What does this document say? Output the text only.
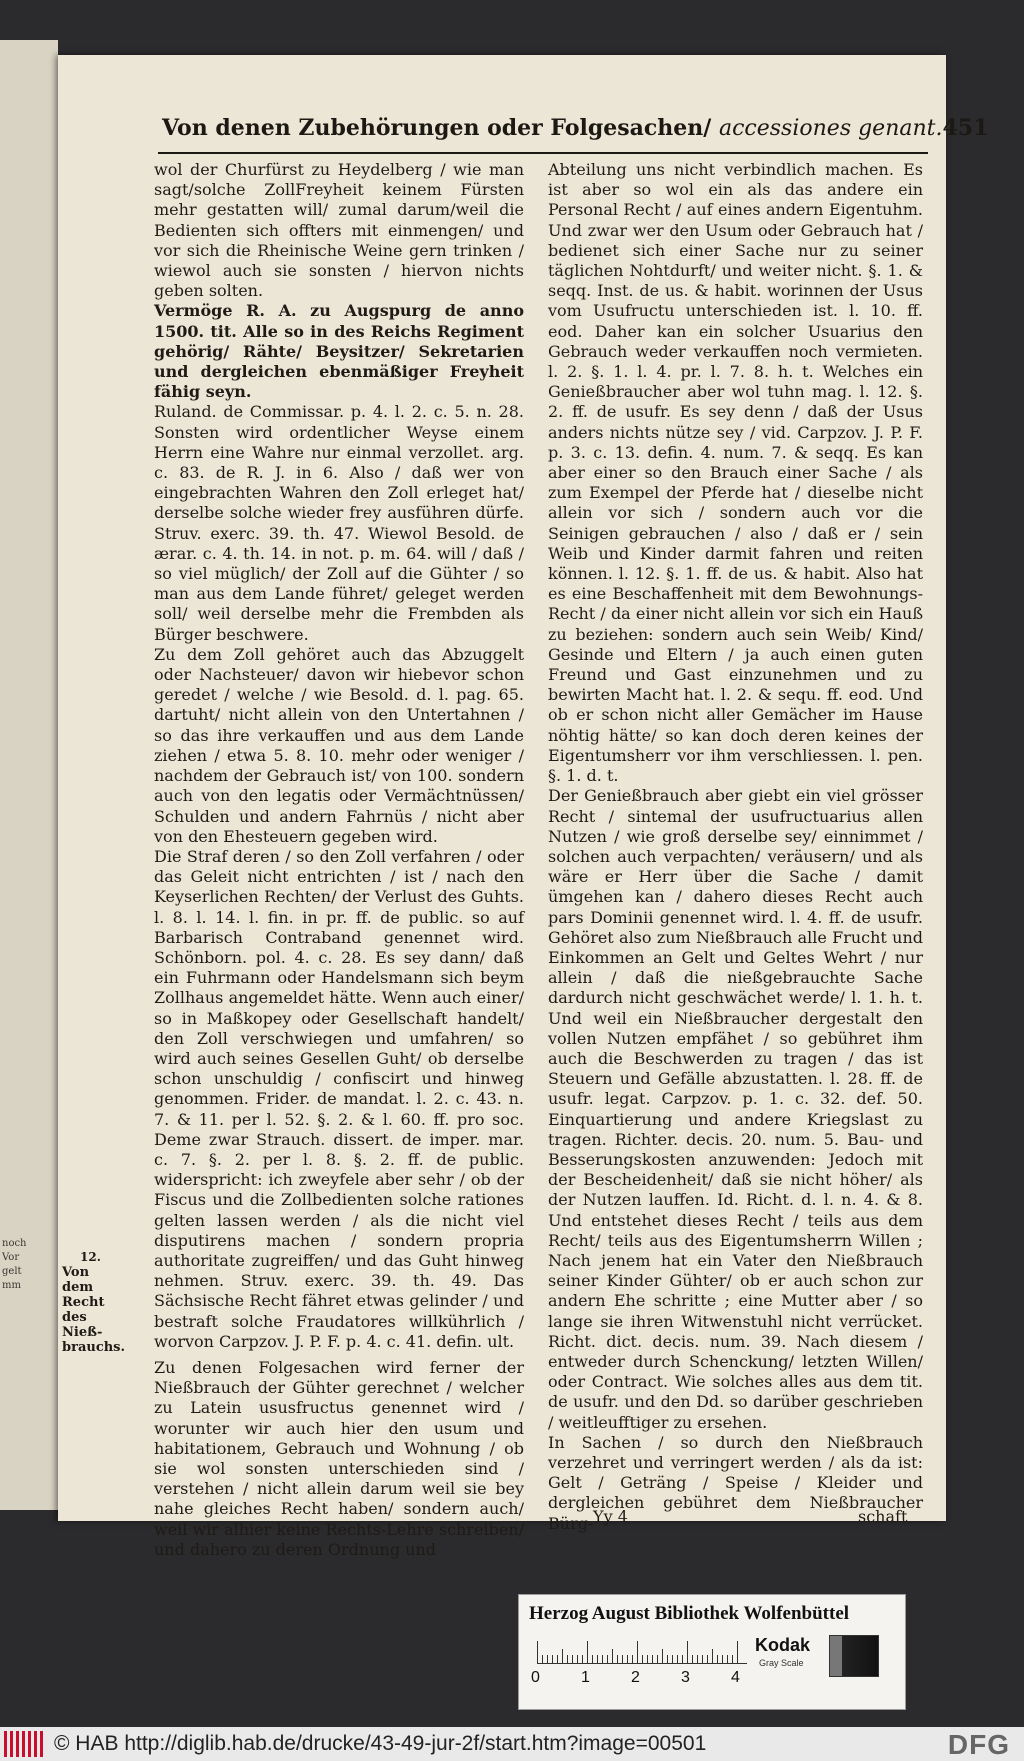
noch
Vor
gelt
mm
Von denen Zubehörungen oder Folgesachen/ accessiones genant.451
12.
Von dem Recht des Nieß-brauchs.

wol der Churfürst zu Heydelberg / wie man sagt/solche ZollFreyheit keinem Fürsten mehr gestatten will/ zumal darum/weil die Bedienten sich offters mit einmengen/ und vor sich die Rheinische Weine gern trinken / wiewol auch sie sonsten / hiervon nichts geben solten.

Vermöge R. A. zu Augspurg de anno 1500. tit. Alle so in des Reichs Regiment gehörig/ Rähte/ Beysitzer/ Sekretarien und dergleichen ebenmäßiger Freyheit fähig seyn.

Ruland. de Commissar. p. 4. l. 2. c. 5. n. 28. Sonsten wird ordentlicher Weyse einem Herrn eine Wahre nur einmal verzollet. arg. c. 83. de R. J. in 6. Also / daß wer von eingebrachten Wahren den Zoll erleget hat/ derselbe solche wieder frey ausführen dürfe. Struv. exerc. 39. th. 47. Wiewol Besold. de ærar. c. 4. th. 14. in not. p. m. 64. will / daß / so viel müglich/ der Zoll auf die Gühter / so man aus dem Lande führet/ geleget werden soll/ weil derselbe mehr die Frembden als Bürger beschwere.

Zu dem Zoll gehöret auch das Abzuggelt oder Nachsteuer/ davon wir hiebevor schon geredet / welche / wie Besold. d. l. pag. 65. dartuht/ nicht allein von den Untertahnen / so das ihre verkauffen und aus dem Lande ziehen / etwa 5. 8. 10. mehr oder weniger / nachdem der Gebrauch ist/ von 100. sondern auch von den legatis oder Vermächtnüssen/ Schulden und andern Fahrnüs / nicht aber von den Ehesteuern gegeben wird.

Die Straf deren / so den Zoll verfahren / oder das Geleit nicht entrichten / ist / nach den Keyserlichen Rechten/ der Verlust des Guhts. l. 8. l. 14. l. fin. in pr. ff. de public. so auf Barbarisch Contraband genennet wird. Schönborn. pol. 4. c. 28. Es sey dann/ daß ein Fuhrmann oder Handelsmann sich beym Zollhaus angemeldet hätte. Wenn auch einer/ so in Maßkopey oder Gesellschaft handelt/ den Zoll verschwiegen und umfahren/ so wird auch seines Gesellen Guht/ ob derselbe schon unschuldig / confiscirt und hinweg genommen. Frider. de mandat. l. 2. c. 43. n. 7. & 11. per l. 52. §. 2. & l. 60. ff. pro soc. Deme zwar Strauch. dissert. de imper. mar. c. 7. §. 2. per l. 8. §. 2. ff. de public. widerspricht: ich zweyfele aber sehr / ob der Fiscus und die Zollbedienten solche rationes gelten lassen werden / als die nicht viel disputirens machen / sondern propria authoritate zugreiffen/ und das Guht hinweg nehmen. Struv. exerc. 39. th. 49. Das Sächsische Recht fähret etwas gelinder / und bestraft solche Fraudatores willkührlich / worvon Carpzov. J. P. F. p. 4. c. 41. defin. ult.

Zu denen Folgesachen wird ferner der Nießbrauch der Gühter gerechnet / welcher zu Latein ususfructus genennet wird / worunter wir auch hier den usum und habitationem, Gebrauch und Wohnung / ob sie wol sonsten unterschieden sind / verstehen / nicht allein darum weil sie bey nahe gleiches Recht haben/ sondern auch/ weil wir alhier keine Rechts-Lehre schreiben/ und dahero zu deren Ordnung und

Abteilung uns nicht verbindlich machen. Es ist aber so wol ein als das andere ein Personal Recht / auf eines andern Eigentuhm. Und zwar wer den Usum oder Gebrauch hat / bedienet sich einer Sache nur zu seiner täglichen Nohtdurft/ und weiter nicht. §. 1. & seqq. Inst. de us. & habit. worinnen der Usus vom Usufructu unterschieden ist. l. 10. ff. eod. Daher kan ein solcher Usuarius den Gebrauch weder verkauffen noch vermieten. l. 2. §. 1. l. 4. pr. l. 7. 8. h. t. Welches ein Genießbraucher aber wol tuhn mag. l. 12. §. 2. ff. de usufr. Es sey denn / daß der Usus anders nichts nütze sey / vid. Carpzov. J. P. F. p. 3. c. 13. defin. 4. num. 7. & seqq. Es kan aber einer so den Brauch einer Sache / als zum Exempel der Pferde hat / dieselbe nicht allein vor sich / sondern auch vor die Seinigen gebrauchen / also / daß er / sein Weib und Kinder darmit fahren und reiten können. l. 12. §. 1. ff. de us. & habit. Also hat es eine Beschaffenheit mit dem Bewohnungs-Recht / da einer nicht allein vor sich ein Hauß zu beziehen: sondern auch sein Weib/ Kind/ Gesinde und Eltern / ja auch einen guten Freund und Gast einzunehmen und zu bewirten Macht hat. l. 2. & sequ. ff. eod. Und ob er schon nicht aller Gemächer im Hause nöhtig hätte/ so kan doch deren keines der Eigentumsherr vor ihm verschliessen. l. pen. §. 1. d. t.

Der Genießbrauch aber giebt ein viel grösser Recht / sintemal der usufructuarius allen Nutzen / wie groß derselbe sey/ einnimmet / solchen auch verpachten/ veräusern/ und als wäre er Herr über die Sache / damit ümgehen kan / dahero dieses Recht auch pars Dominii genennet wird. l. 4. ff. de usufr. Gehöret also zum Nießbrauch alle Frucht und Einkommen an Gelt und Geltes Wehrt / nur allein / daß die nießgebrauchte Sache dardurch nicht geschwächet werde/ l. 1. h. t. Und weil ein Nießbraucher dergestalt den vollen Nutzen empfähet / so gebühret ihm auch die Beschwerden zu tragen / das ist Steuern und Gefälle abzustatten. l. 28. ff. de usufr. legat. Carpzov. p. 1. c. 32. def. 50. Einquartierung und andere Kriegslast zu tragen. Richter. decis. 20. num. 5. Bau- und Besserungskosten anzuwenden: Jedoch mit der Bescheidenheit/ daß sie nicht höher/ als der Nutzen lauffen. Id. Richt. d. l. n. 4. & 8. Und entstehet dieses Recht / teils aus dem Recht/ teils aus des Eigentumsherrn Willen ; Nach jenem hat ein Vater den Nießbrauch seiner Kinder Gühter/ ob er auch schon zur andern Ehe schritte ; eine Mutter aber / so lange sie ihren Witwenstuhl nicht verrücket. Richt. dict. decis. num. 39. Nach diesem / entweder durch Schenckung/ letzten Willen/ oder Contract. Wie solches alles aus dem tit. de usufr. und den Dd. so darüber geschrieben / weitleufftiger zu ersehen.

In Sachen / so durch den Nießbrauch verzehret und verringert werden / als da ist: Gelt / Geträng / Speise / Kleider und dergleichen gebühret dem Nießbraucher Bürg- Yy 4	schaft
Herzog August Bibliothek Wolfenbüttel
0	1	2	3	4
Kodak
Gray Scale
© HAB http://diglib.hab.de/drucke/43-49-jur-2f/start.htm?image=00501	DFG
